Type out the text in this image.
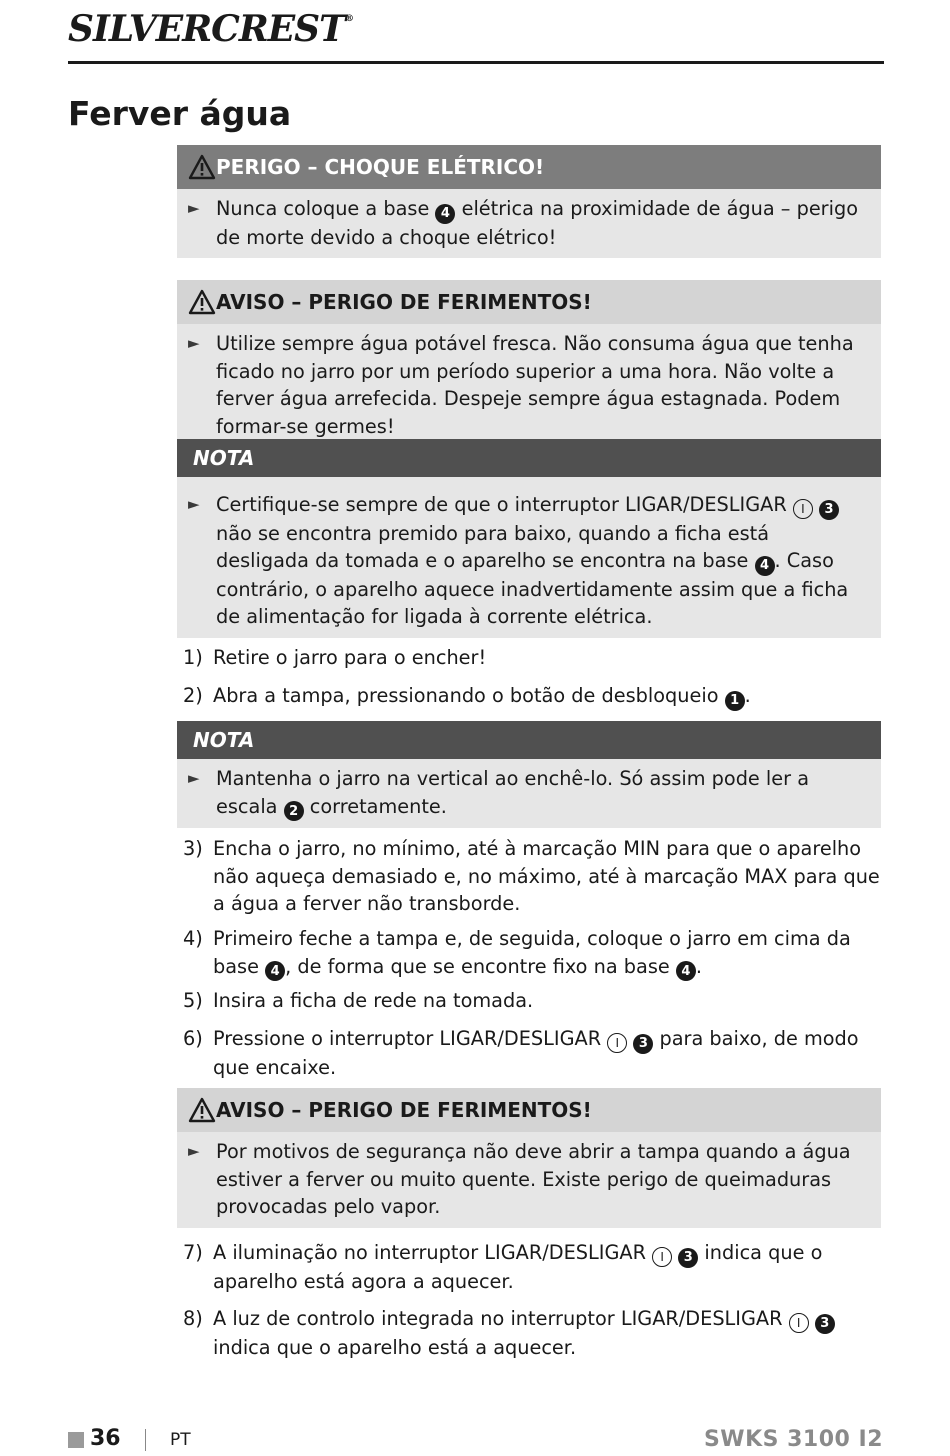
SILVERCREST®
Ferver água
PERIGO – CHOQUE ELÉTRICO!
► Nunca coloque a base 4 elétrica na proximidade de água – perigo de morte devido a choque elétrico!
AVISO – PERIGO DE FERIMENTOS!
► Utilize sempre água potável fresca. Não consuma água que tenha ficado no jarro por um período superior a uma hora. Não volte a ferver água arrefecida. Despeje sempre água estagnada. Podem formar-se germes!
NOTA
► Certifique-se sempre de que o interruptor LIGAR/DESLIGAR I 3 não se encontra premido para baixo, quando a ficha está desligada da tomada e o aparelho se encontra na base 4 . Caso contrário, o aparelho aquece inadvertidamente assim que a ficha de alimentação for ligada à corrente elétrica.
1) Retire o jarro para o encher!
2) Abra a tampa, pressionando o botão de desbloqueio 1 .
NOTA
► Mantenha o jarro na vertical ao enchê-lo. Só assim pode ler a escala 2 corretamente.
3) Encha o jarro, no mínimo, até à marcação MIN para que o aparelho não aqueça demasiado e, no máximo, até à marcação MAX para que a água a ferver não transborde.
4) Primeiro feche a tampa e, de seguida, coloque o jarro em cima da base 4 , de forma que se encontre fixo na base 4 .
5) Insira a ficha de rede na tomada.
6) Pressione o interruptor LIGAR/DESLIGAR I 3 para baixo, de modo que encaixe.
AVISO – PERIGO DE FERIMENTOS!
► Por motivos de segurança não deve abrir a tampa quando a água estiver a ferver ou muito quente. Existe perigo de queimaduras provocadas pelo vapor.
7) A iluminação no interruptor LIGAR/DESLIGAR I 3 indica que o aparelho está agora a aquecer.
8) A luz de controlo integrada no interruptor LIGAR/DESLIGAR I 3 indica que o aparelho está a aquecer.
36	PT	SWKS 3100 I2
